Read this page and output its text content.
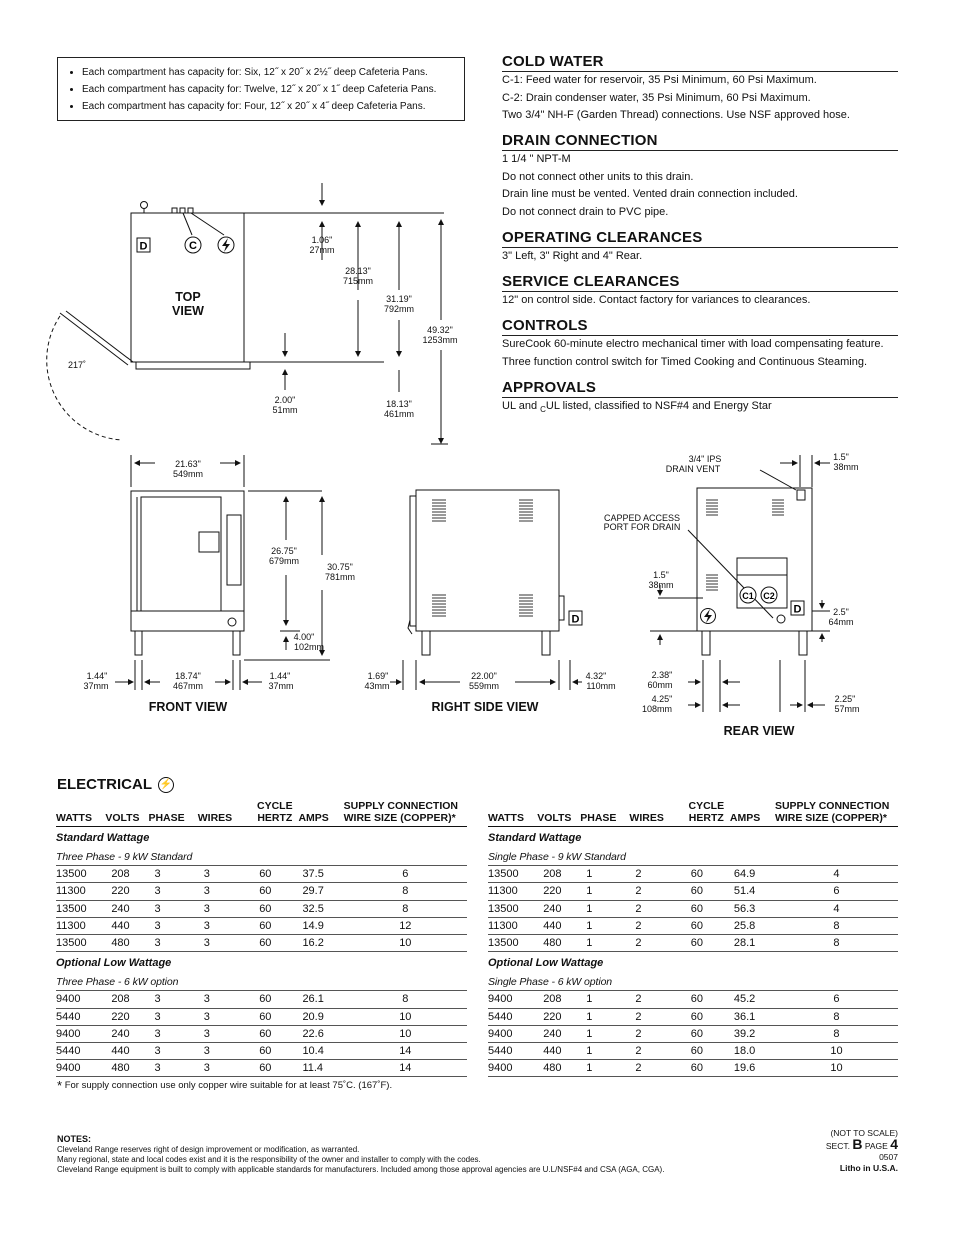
• Each compartment has capacity for: Six, 12˝ x 20˝ x 2½˝ deep Cafeteria Pans.
• Each compartment has capacity for: Twelve, 12˝ x 20˝ x 1˝ deep Cafeteria Pans.
• Each compartment has capacity for: Four, 12˝ x 20˝ x 4˝ deep Cafeteria Pans.
COLD WATER

C-1: Feed water for reservoir, 35 Psi Minimum, 60 Psi Maximum.

C-2: Drain condenser water, 35 Psi Minimum, 60 Psi Maximum.

Two 3/4" NH-F (Garden Thread) connections. Use NSF approved hose.

DRAIN CONNECTION

1 1/4 " NPT-M

Do not connect other units to this drain.

Drain line must be vented. Vented drain connection included.

Do not connect drain to PVC pipe.

OPERATING CLEARANCES

3" Left, 3" Right and 4" Rear.

SERVICE CLEARANCES

12" on control side. Contact factory for variances to clearances.

CONTROLS

SureCook 60-minute electro mechanical timer with load compensating feature.

Three function control switch for Timed Cooking and Continuous Steaming.

APPROVALS

UL and $_C$UL listed, classified to NSF#4 and Energy Star

D	C
C1 C2
D
D
TOP
VIEW
FRONT VIEW	RIGHT SIDE VIEW
REAR VIEW
217˚
3/4" IPS
DRAIN VENT
CAPPED ACCESS
PORT FOR DRAIN
1.06"
27mm
28.13"
715mm
31.19"
792mm
49.32"
1253mm
2.00"
51mm
18.13"
461mm
21.63"
549mm
26.75"
679mm
30.75"
781mm
4.00"
102mm
1.44"
37mm
18.74"
467mm
1.44"
37mm
1.69"
43mm
22.00"
559mm
4.32"
110mm
1.5"
38mm
1.5"
38mm
2.5"
64mm
2.38"
60mm
4.25"
108mm
2.25"
57mm
ELECTRICAL ⚡
WATTS	VOLTS	PHASE	WIRES	CYCLE HERTZ	AMPS	SUPPLY CONNECTION WIRE SIZE (COPPER)*
Standard Wattage						
Three Phase - 9 kW Standard						
13500	208	3	3	60	37.5	6
11300	220	3	3	60	29.7	8
13500	240	3	3	60	32.5	8
11300	440	3	3	60	14.9	12
13500	480	3	3	60	16.2	10
Optional Low Wattage						
Three Phase - 6 kW option						
9400	208	3	3	60	26.1	8
5440	220	3	3	60	20.9	10
9400	240	3	3	60	22.6	10
5440	440	3	3	60	10.4	14
9400	480	3	3	60	11.4	14
WATTS	VOLTS	PHASE	WIRES	CYCLE HERTZ	AMPS	SUPPLY CONNECTION WIRE SIZE (COPPER)*
Standard Wattage						
Single Phase - 9 kW Standard						
13500	208	1	2	60	64.9	4
11300	220	1	2	60	51.4	6
13500	240	1	2	60	56.3	4
11300	440	1	2	60	25.8	8
13500	480	1	2	60	28.1	8
Optional Low Wattage						
Single Phase - 6 kW option						
9400	208	1	2	60	45.2	6
5440	220	1	2	60	36.1	8
9400	240	1	2	60	39.2	8
5440	440	1	2	60	18.0	10
9400	480	1	2	60	19.6	10
* For supply connection use only copper wire suitable for at least 75˚C. (167˚F).
NOTES:
Cleveland Range reserves right of design improvement or modification, as warranted.
Many regional, state and local codes exist and it is the responsibility of the owner and installer to comply with the codes.
Cleveland Range equipment is built to comply with applicable standards for manufacturers. Included among those approval agencies are U.L/NSF#4 and CSA (AGA, CGA).
(NOT TO SCALE)
SECT. B PAGE 4
0507
Litho in U.S.A.
